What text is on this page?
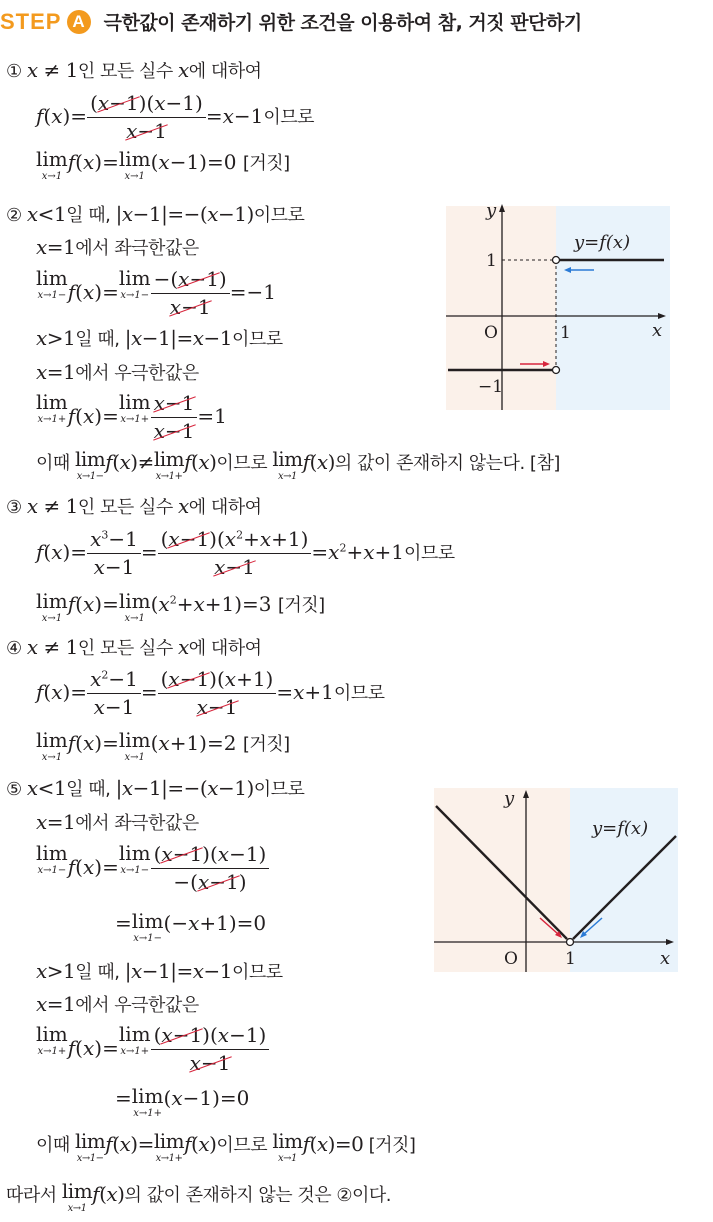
STEP A 극한값이 존재하기 위한 조건을 이용하여 참, 거짓 판단하기
① x ≠ 1인 모든 실수 x에 대하여
$f(x)= \frac{(x-1)(x-1)}{x-1} =x-1$이므로
lim
x→1
f(x)= lim
x→1
(x−1)=0 [거짓]
② x<1일 때, |x−1|=−(x−1)이므로
x=1에서 좌극한값은
lim
x→1− f(x)=
lim
$x\to 1- \frac{-(x-1)}{x-1} =-1$
x>1일 때, |x−1|=x−1이므로
x=1에서 우극한값은
lim
x→1+ f(x)=
lim
$x\to 1+ \frac{x-1}{x-1} =1$
이때 lim
x→1−
f(x)≠ lim
x→1+
f(x)이므로 lim
x→1
f(x)의 값이 존재하지 않는다. [참]
y
x
O	1
1
−1
y=f(x)
③ x ≠ 1인 모든 실수 x에 대하여
$f(x)= \frac{x^3-1}{x-1} = \frac{(x-1)(x^2+x+1)}{x-1} =x^2+x+1$이므로
lim
x→1
f(x)= lim
x→1
$(x^2+x+1)=3$ [거짓]
④ x ≠ 1인 모든 실수 x에 대하여
$f(x)= \frac{x^2-1}{x-1} = \frac{(x-1)(x+1)}{x-1} =x+1$이므로
lim
x→1
f(x)= lim
x→1
(x+1)=2 [거짓]
⑤ x<1일 때, |x−1|=−(x−1)이므로
x=1에서 좌극한값은
lim
x→1− f(x)=
lim
$x\to 1- \frac{(x-1)(x-1)}{-(x-1)}$
= lim
x→1−
(−x+1)=0
x>1일 때, |x−1|=x−1이므로
x=1에서 우극한값은
lim
x→1+ f(x)=
lim
$x\to 1+ \frac{(x-1)(x-1)}{x-1}$
= lim
x→1+
(x−1)=0
이때 lim
x→1−
f(x)= lim
x→1+
f(x)이므로 lim
x→1
f(x)=0 [거짓]
y
x
O	1
y=f(x)
따라서 lim
x→1
f(x)의 값이 존재하지 않는 것은 ②이다.
